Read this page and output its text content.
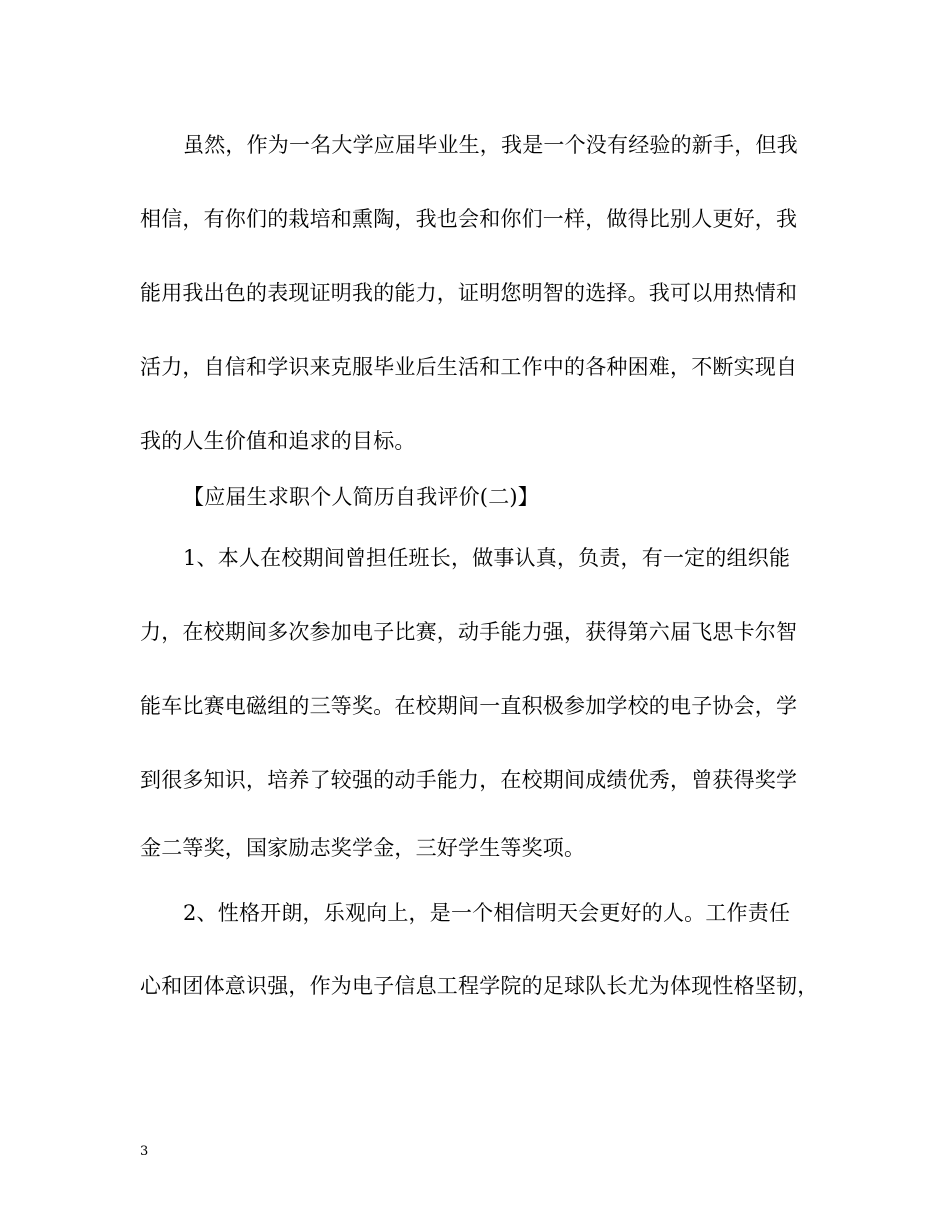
虽然，作为一名大学应届毕业生，我是一个没有经验的新手，但我
相信，有你们的栽培和熏陶，我也会和你们一样，做得比别人更好，我
能用我出色的表现证明我的能力，证明您明智的选择。我可以用热情和
活力，自信和学识来克服毕业后生活和工作中的各种困难，不断实现自
我的人生价值和追求的目标。
【应届生求职个人简历自我评价(二)】
1、本人在校期间曾担任班长，做事认真，负责，有一定的组织能
力，在校期间多次参加电子比赛，动手能力强，获得第六届飞思卡尔智
能车比赛电磁组的三等奖。在校期间一直积极参加学校的电子协会，学
到很多知识，培养了较强的动手能力，在校期间成绩优秀，曾获得奖学
金二等奖，国家励志奖学金，三好学生等奖项。
2、性格开朗，乐观向上，是一个相信明天会更好的人。工作责任
心和团体意识强，作为电子信息工程学院的足球队长尤为体现性格坚韧，
3
